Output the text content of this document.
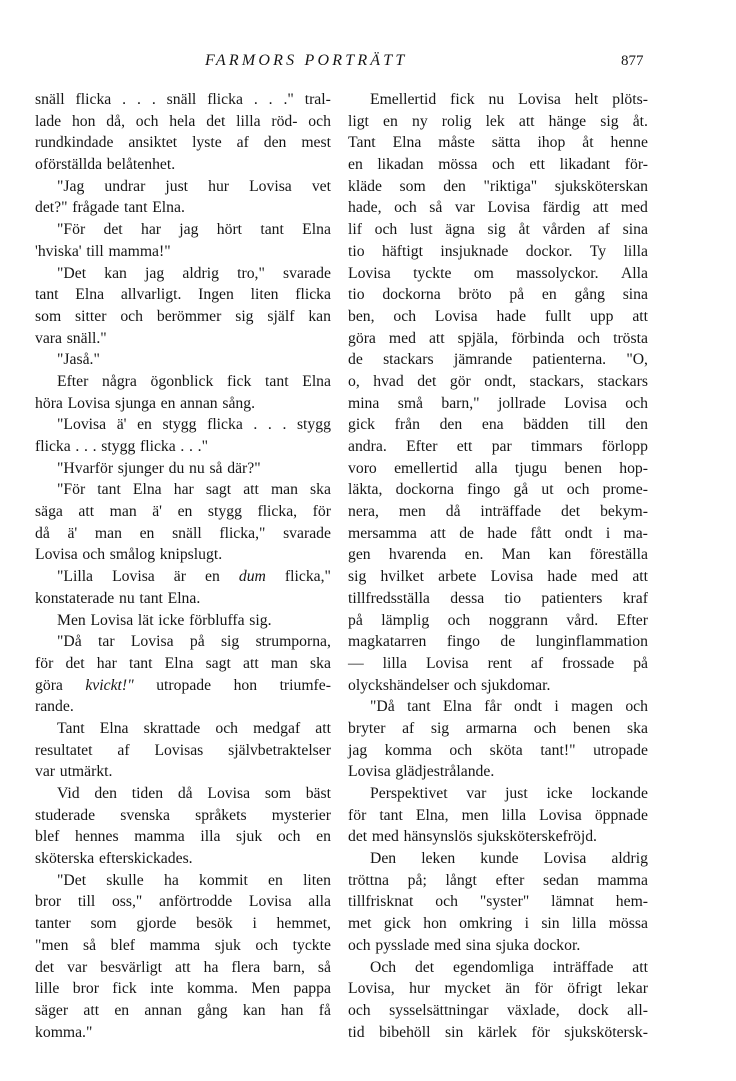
FARMORS PORTRÄTT	877
snäll flicka . . . snäll flicka . . ." tral-
lade hon då, och hela det lilla röd- och
rundkindade ansiktet lyste af den mest
oförställda belåtenhet.
"Jag undrar just hur Lovisa vet
det?" frågade tant Elna.
"För det har jag hört tant Elna
'hviska' till mamma!"
"Det kan jag aldrig tro," svarade
tant Elna allvarligt. Ingen liten flicka
som sitter och berömmer sig själf kan
vara snäll."
"Jaså."
Efter några ögonblick fick tant Elna
höra Lovisa sjunga en annan sång.
"Lovisa ä' en stygg flicka . . . stygg
flicka . . . stygg flicka . . ."
"Hvarför sjunger du nu så där?"
"För tant Elna har sagt att man ska
säga att man ä' en stygg flicka, för
då ä' man en snäll flicka," svarade
Lovisa och smålog knipslugt.
"Lilla Lovisa är en dum flicka,"
konstaterade nu tant Elna.
Men Lovisa lät icke förbluffa sig.
"Då tar Lovisa på sig strumporna,
för det har tant Elna sagt att man ska
göra kvickt!" utropade hon triumfe-
rande.
Tant Elna skrattade och medgaf att
resultatet af Lovisas självbetraktelser
var utmärkt.
Vid den tiden då Lovisa som bäst
studerade svenska språkets mysterier
blef hennes mamma illa sjuk och en
sköterska efterskickades.
"Det skulle ha kommit en liten
bror till oss," anförtrodde Lovisa alla
tanter som gjorde besök i hemmet,
"men så blef mamma sjuk och tyckte
det var besvärligt att ha flera barn, så
lille bror fick inte komma. Men pappa
säger att en annan gång kan han få
komma."
Emellertid fick nu Lovisa helt plöts-
ligt en ny rolig lek att hänge sig åt.
Tant Elna måste sätta ihop åt henne
en likadan mössa och ett likadant för-
kläde som den "riktiga" sjuksköterskan
hade, och så var Lovisa färdig att med
lif och lust ägna sig åt vården af sina
tio häftigt insjuknade dockor. Ty lilla
Lovisa tyckte om massolyckor. Alla
tio dockorna bröto på en gång sina
ben, och Lovisa hade fullt upp att
göra med att spjäla, förbinda och trösta
de stackars jämrande patienterna. "O,
o, hvad det gör ondt, stackars, stackars
mina små barn," jollrade Lovisa och
gick från den ena bädden till den
andra. Efter ett par timmars förlopp
voro emellertid alla tjugu benen hop-
läkta, dockorna fingo gå ut och prome-
nera, men då inträffade det bekym-
mersamma att de hade fått ondt i ma-
gen hvarenda en. Man kan föreställa
sig hvilket arbete Lovisa hade med att
tillfredsställa dessa tio patienters kraf
på lämplig och noggrann vård. Efter
magkatarren fingo de lunginflammation
— lilla Lovisa rent af frossade på
olyckshändelser och sjukdomar.
"Då tant Elna får ondt i magen och
bryter af sig armarna och benen ska
jag komma och sköta tant!" utropade
Lovisa glädjestrålande.
Perspektivet var just icke lockande
för tant Elna, men lilla Lovisa öppnade
det med hänsynslös sjuksköterskefröjd.
Den leken kunde Lovisa aldrig
tröttna på; långt efter sedan mamma
tillfrisknat och "syster" lämnat hem-
met gick hon omkring i sin lilla mössa
och pysslade med sina sjuka dockor.
Och det egendomliga inträffade att
Lovisa, hur mycket än för öfrigt lekar
och sysselsättningar växlade, dock all-
tid bibehöll sin kärlek för sjukskötersk-
